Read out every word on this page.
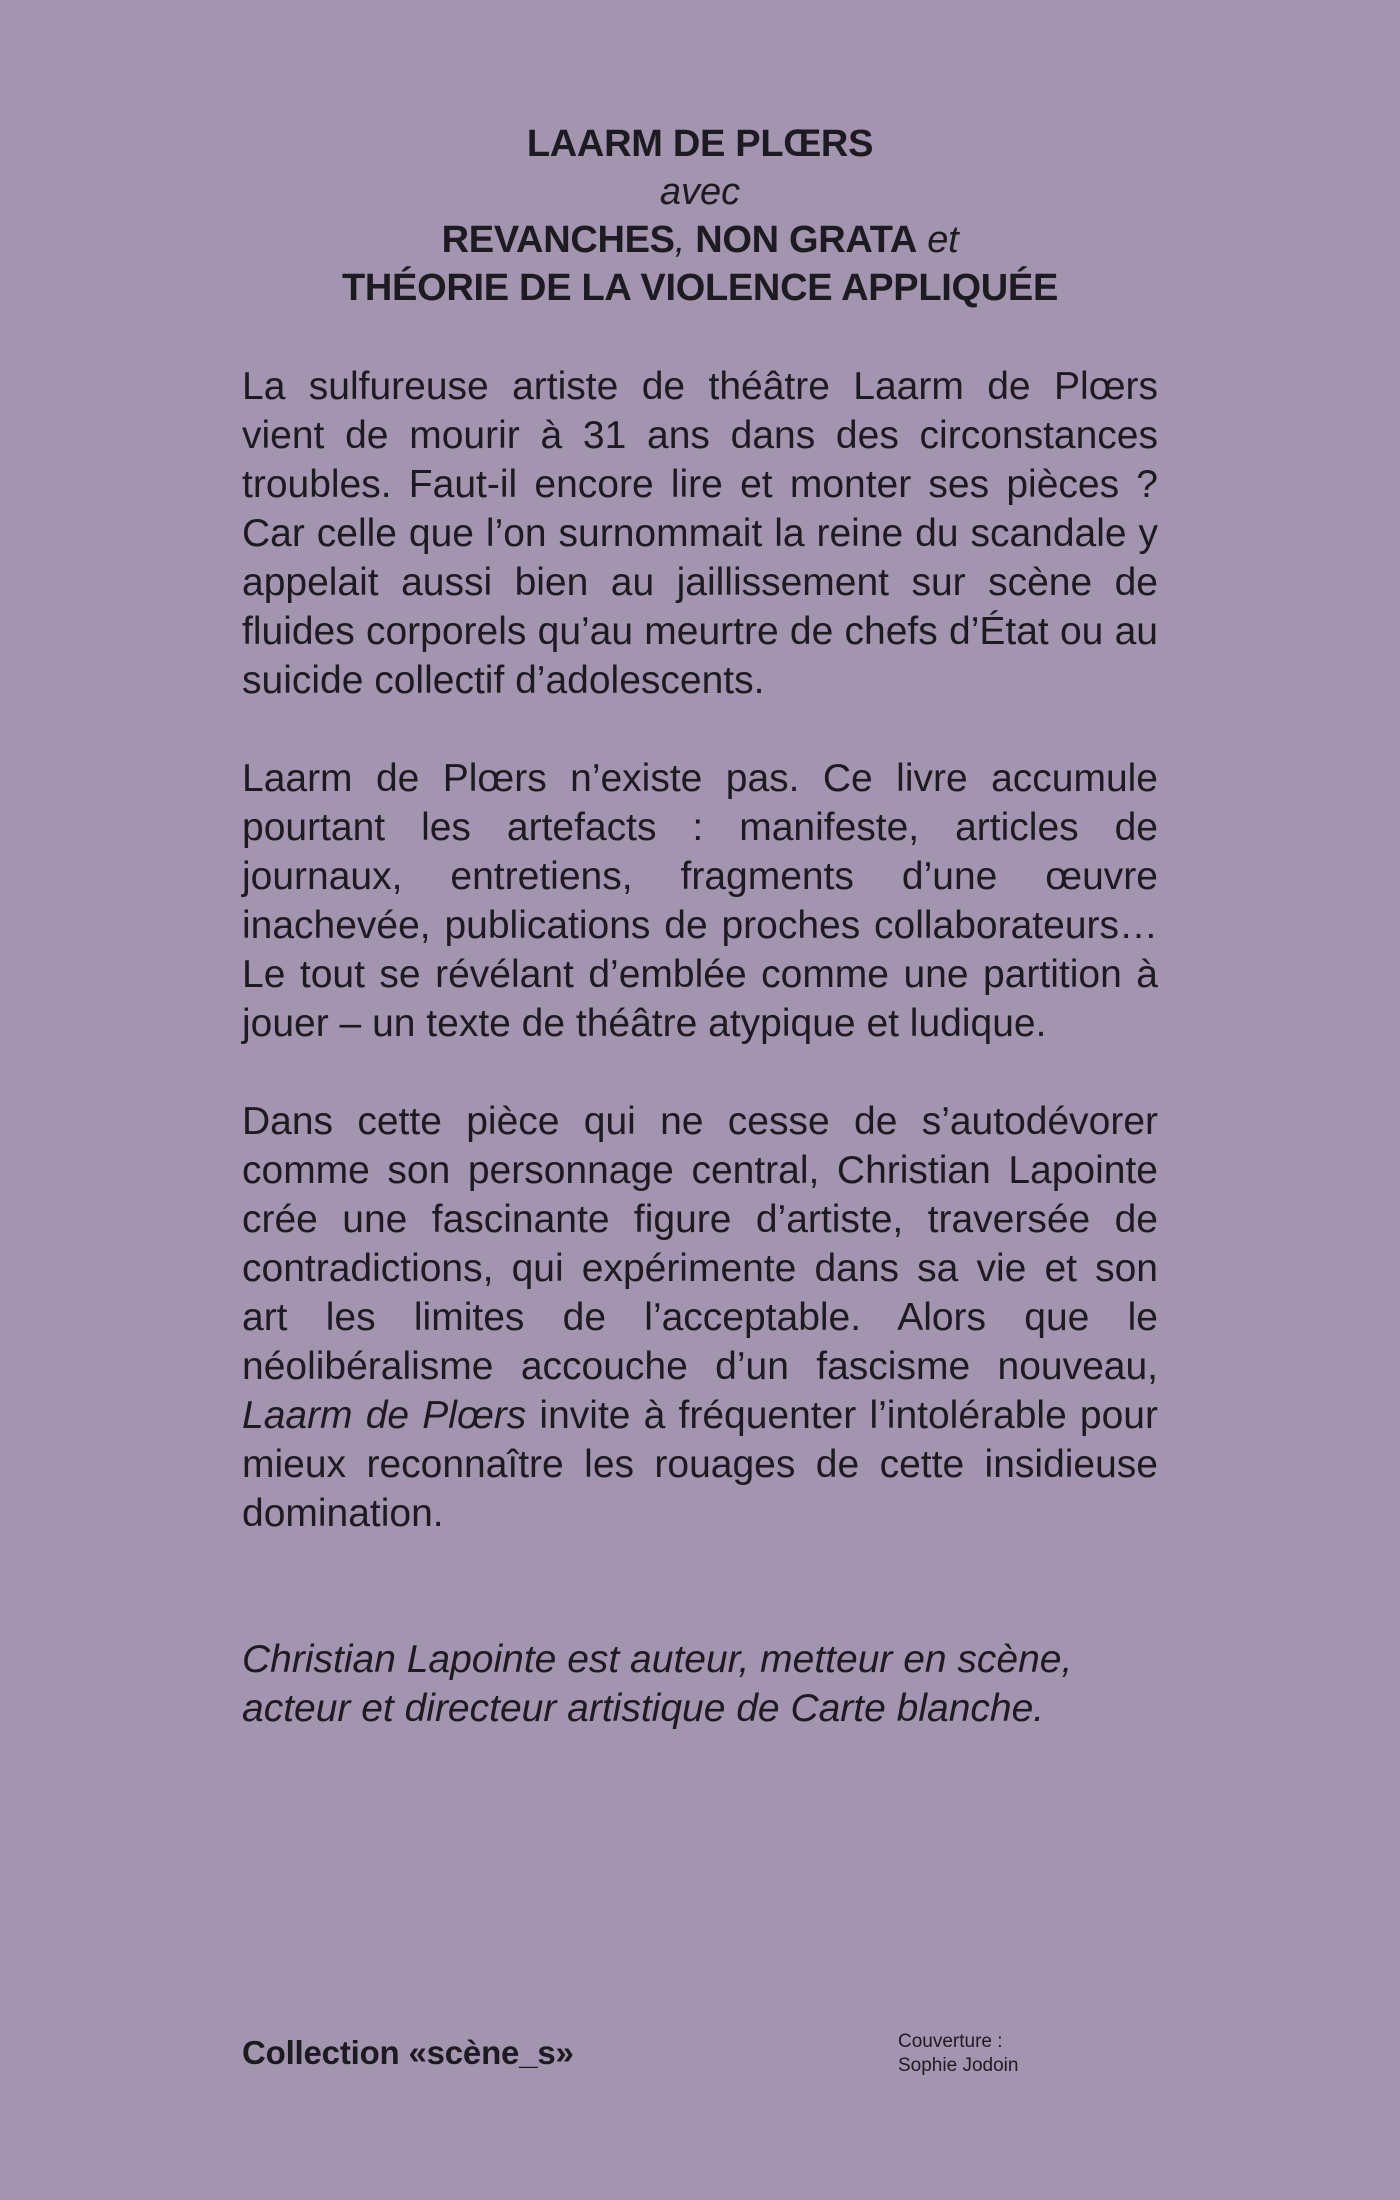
LAARM DE PLŒRS
avec
REVANCHES, NON GRATA et
THÉORIE DE LA VIOLENCE APPLIQUÉE

La sulfureuse artiste de théâtre Laarm de Plœrs vient de mourir à 31 ans dans des circonstances troubles. Faut-il encore lire et monter ses pièces ? Car celle que l’on surnommait la reine du scandale y appelait aussi bien au jaillissement sur scène de fluides corporels qu’au meurtre de chefs d’État ou au suicide collectif d’adolescents.

Laarm de Plœrs n’existe pas. Ce livre accumule pourtant les artefacts : manifeste, articles de journaux, entretiens, fragments d’une œuvre inachevée, publications de proches collaborateurs… Le tout se révélant d’emblée comme une partition à jouer – un texte de théâtre atypique et ludique.

Dans cette pièce qui ne cesse de s’autodévorer comme son personnage central, Christian Lapointe crée une fascinante figure d’artiste, traversée de contradictions, qui expérimente dans sa vie et son art les limites de l’acceptable. Alors que le néolibéralisme accouche d’un fascisme nouveau, Laarm de Plœrs invite à fréquenter l’intolérable pour mieux reconnaître les rouages de cette insidieuse domination.

Christian Lapointe est auteur, metteur en scène,
acteur et directeur artistique de Carte blanche.
Collection «scène_s»	Couverture :
Sophie Jodoin
